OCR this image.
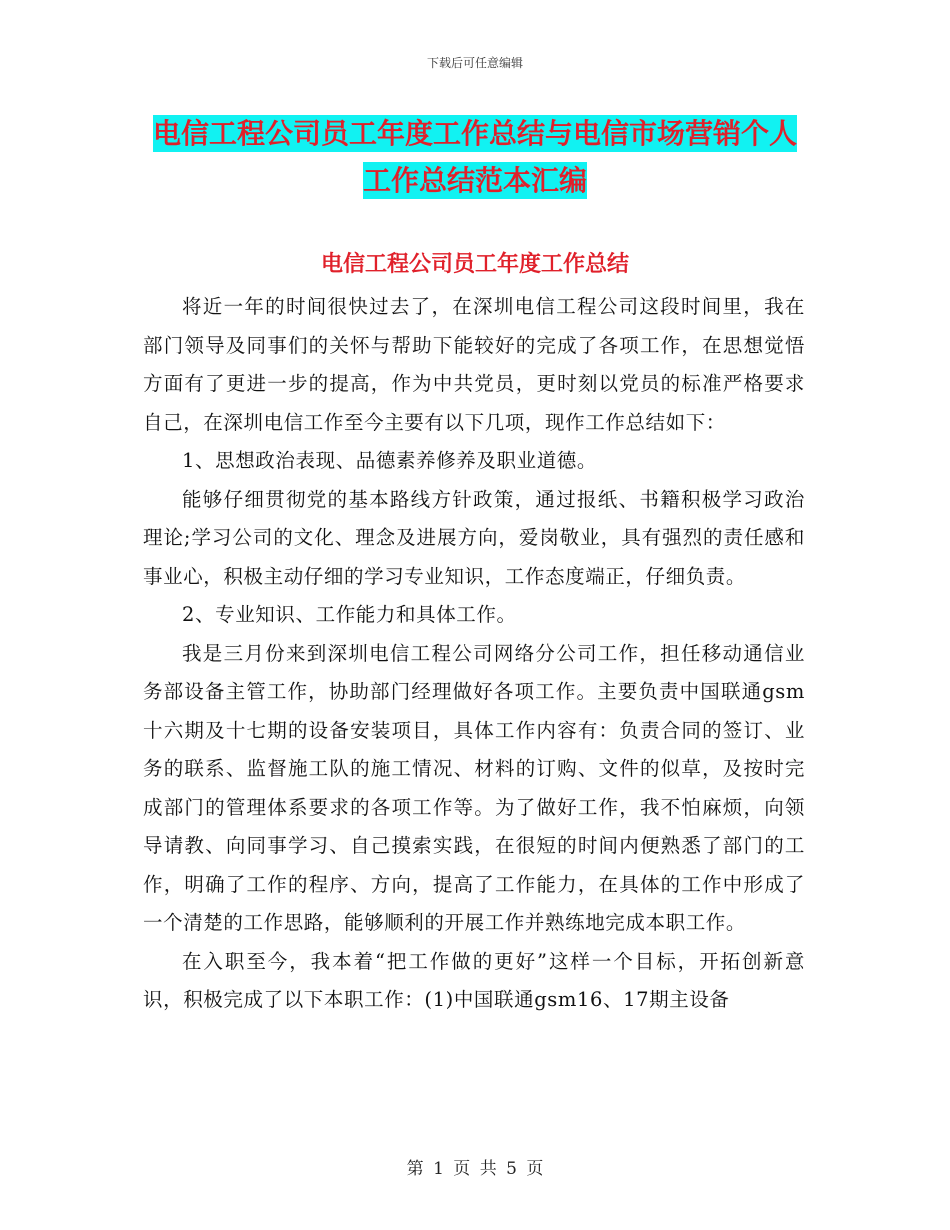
下载后可任意编辑
电信工程公司员工年度工作总结与电信市场营销个人工作总结范本汇编
电信工程公司员工年度工作总结

将近一年的时间很快过去了，在深圳电信工程公司这段时间里，我在部门领导及同事们的关怀与帮助下能较好的完成了各项工作，在思想觉悟方面有了更进一步的提高，作为中共党员，更时刻以党员的标准严格要求自己，在深圳电信工作至今主要有以下几项，现作工作总结如下：

1、思想政治表现、品德素养修养及职业道德。

能够仔细贯彻党的基本路线方针政策，通过报纸、书籍积极学习政治理论;学习公司的文化、理念及进展方向，爱岗敬业，具有强烈的责任感和事业心，积极主动仔细的学习专业知识，工作态度端正，仔细负责。

2、专业知识、工作能力和具体工作。

我是三月份来到深圳电信工程公司网络分公司工作，担任移动通信业务部设备主管工作，协助部门经理做好各项工作。主要负责中国联通gsm十六期及十七期的设备安装项目，具体工作内容有：负责合同的签订、业务的联系、监督施工队的施工情况、材料的订购、文件的似草，及按时完成部门的管理体系要求的各项工作等。为了做好工作，我不怕麻烦，向领导请教、向同事学习、自己摸索实践，在很短的时间内便熟悉了部门的工作，明确了工作的程序、方向，提高了工作能力，在具体的工作中形成了一个清楚的工作思路，能够顺利的开展工作并熟练地完成本职工作。

在入职至今，我本着“把工作做的更好”这样一个目标，开拓创新意识，积极完成了以下本职工作：(1)中国联通gsm16、17期主设备

第 1 页 共 5 页
